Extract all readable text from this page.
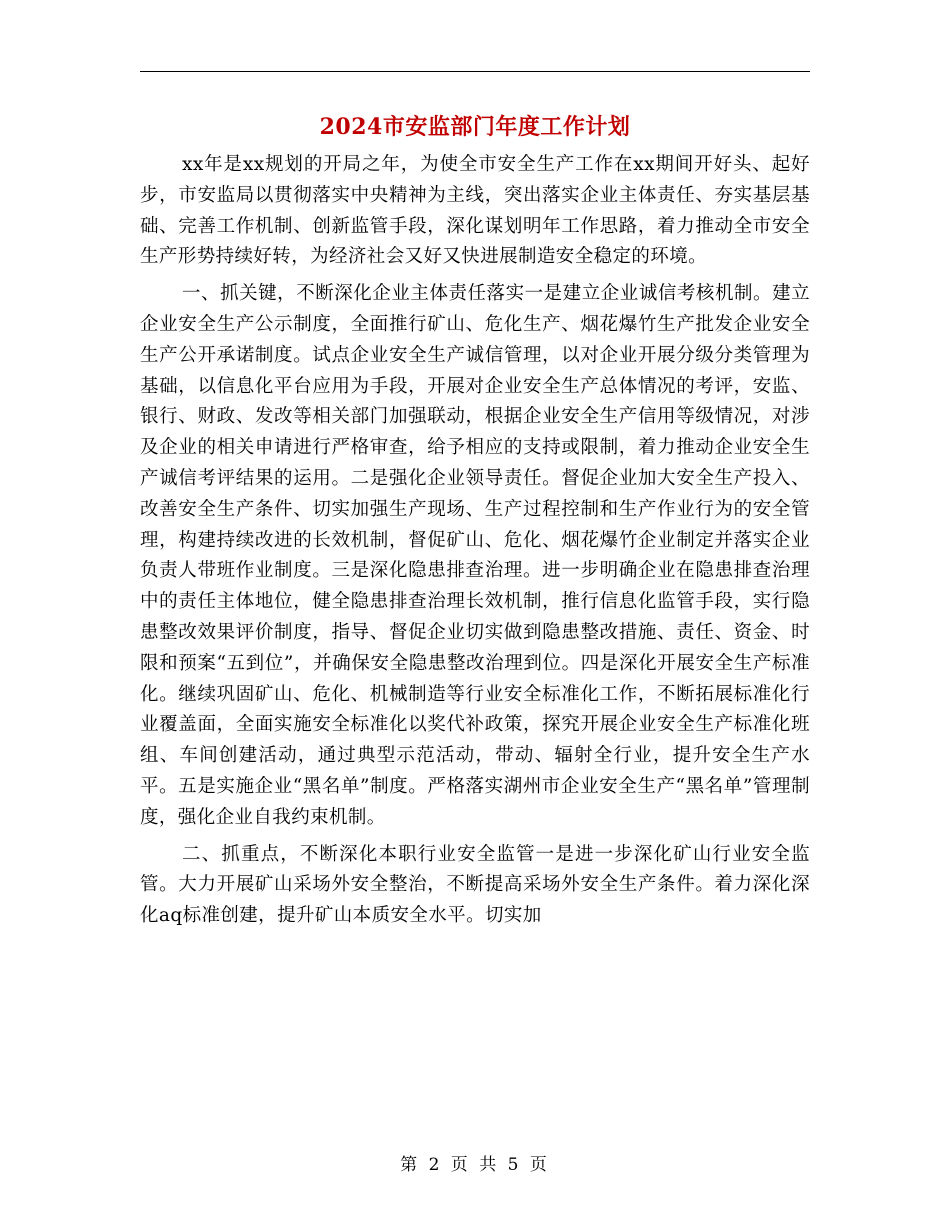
2024市安监部门年度工作计划

xx年是xx规划的开局之年，为使全市安全生产工作在xx期间开好头、起好步，市安监局以贯彻落实中央精神为主线，突出落实企业主体责任、夯实基层基础、完善工作机制、创新监管手段，深化谋划明年工作思路，着力推动全市安全生产形势持续好转，为经济社会又好又快进展制造安全稳定的环境。

一、抓关键，不断深化企业主体责任落实一是建立企业诚信考核机制。建立企业安全生产公示制度，全面推行矿山、危化生产、烟花爆竹生产批发企业安全生产公开承诺制度。试点企业安全生产诚信管理，以对企业开展分级分类管理为基础，以信息化平台应用为手段，开展对企业安全生产总体情况的考评，安监、银行、财政、发改等相关部门加强联动，根据企业安全生产信用等级情况，对涉及企业的相关申请进行严格审查，给予相应的支持或限制，着力推动企业安全生产诚信考评结果的运用。二是强化企业领导责任。督促企业加大安全生产投入、改善安全生产条件、切实加强生产现场、生产过程控制和生产作业行为的安全管理，构建持续改进的长效机制，督促矿山、危化、烟花爆竹企业制定并落实企业负责人带班作业制度。三是深化隐患排查治理。进一步明确企业在隐患排查治理中的责任主体地位，健全隐患排查治理长效机制，推行信息化监管手段，实行隐患整改效果评价制度，指导、督促企业切实做到隐患整改措施、责任、资金、时限和预案“五到位”，并确保安全隐患整改治理到位。四是深化开展安全生产标准化。继续巩固矿山、危化、机械制造等行业安全标准化工作，不断拓展标准化行业覆盖面，全面实施安全标准化以奖代补政策，探究开展企业安全生产标准化班组、车间创建活动，通过典型示范活动，带动、辐射全行业，提升安全生产水平。五是实施企业“黑名单”制度。严格落实湖州市企业安全生产“黑名单”管理制度，强化企业自我约束机制。

二、抓重点，不断深化本职行业安全监管一是进一步深化矿山行业安全监管。大力开展矿山采场外安全整治，不断提高采场外安全生产条件。着力深化深化aq标准创建，提升矿山本质安全水平。切实加

第 2 页 共 5 页
